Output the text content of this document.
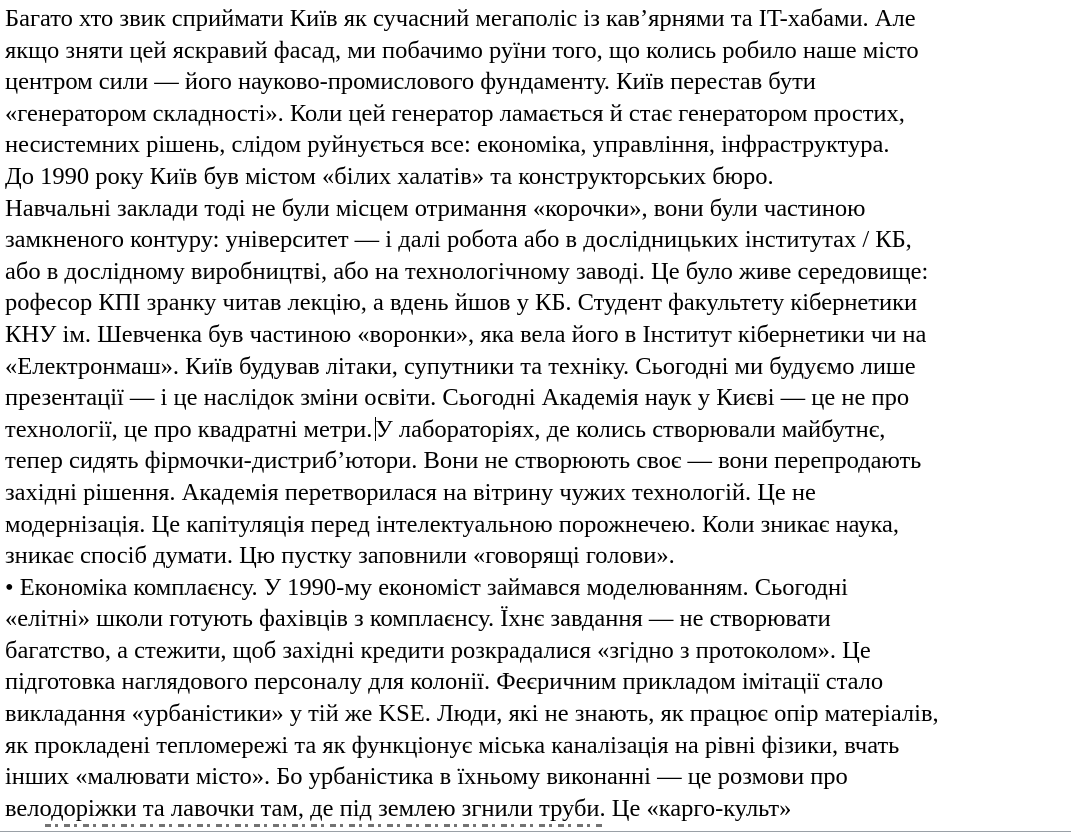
Багато хто звик сприймати Київ як сучасний мегаполіс із кав’ярнями та IT-хабами. Але
якщо зняти цей яскравий фасад, ми побачимо руїни того, що колись робило наше місто
центром сили — його науково-промислового фундаменту. Київ перестав бути
«генератором складності». Коли цей генератор ламається й стає генератором простих,
несистемних рішень, слідом руйнується все: економіка, управління, інфраструктура.
До 1990 року Київ був містом «білих халатів» та конструкторських бюро.
Навчальні заклади тоді не були місцем отримання «корочки», вони були частиною
замкненого контуру: університет — і далі робота або в дослідницьких інститутах / КБ,
або в дослідному виробництві, або на технологічному заводі. Це було живе середовище:
рофесор КПІ зранку читав лекцію, а вдень йшов у КБ. Студент факультету кібернетики
КНУ ім. Шевченка був частиною «воронки», яка вела його в Інститут кібернетики чи на
«Електронмаш». Київ будував літаки, супутники та техніку. Сьогодні ми будуємо лише
презентації — і це наслідок зміни освіти. Сьогодні Академія наук у Києві — це не про
технології, це про квадратні метри. У лабораторіях, де колись створювали майбутнє,
тепер сидять фірмочки-дистриб’ютори. Вони не створюють своє — вони перепродають
західні рішення. Академія перетворилася на вітрину чужих технологій. Це не
модернізація. Це капітуляція перед інтелектуальною порожнечею. Коли зникає наука,
зникає спосіб думати. Цю пустку заповнили «говорящі голови».
• Економіка комплаєнсу. У 1990-му економіст займався моделюванням. Сьогодні
«елітні» школи готують фахівців з комплаєнсу. Їхнє завдання — не створювати
багатство, а стежити, щоб західні кредити розкрадалися «згідно з протоколом». Це
підготовка наглядового персоналу для колонії. Феєричним прикладом імітації стало
викладання «урбаністики» у тій же KSE. Люди, які не знають, як працює опір матеріалів,
як прокладені тепломережі та як функціонує міська каналізація на рівні фізики, вчать
інших «малювати місто». Бо урбаністика в їхньому виконанні — це розмови про
велодоріжки та лавочки там, де під землею згнили труби. Це «карго-культ»
